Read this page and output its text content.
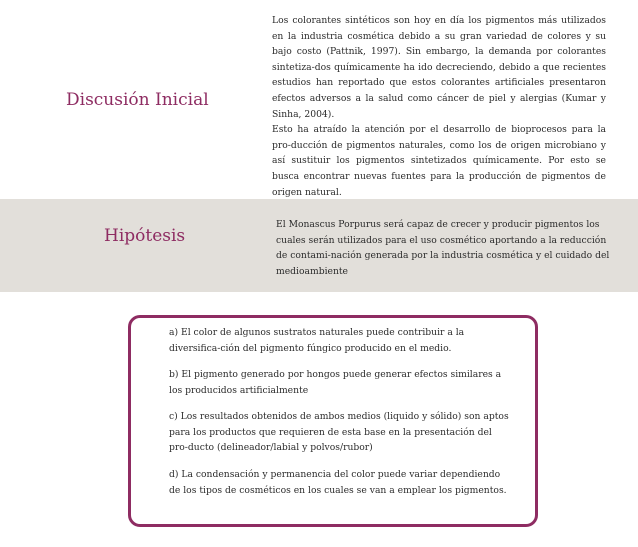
Discusión Inicial

Los colorantes sintéticos son hoy en día los pigmentos más utilizados en la industria cosmética debido a su gran variedad de colores y su bajo costo (Pattnik, 1997). Sin embargo, la demanda por colorantes sintetiza-dos químicamente ha ido decreciendo, debido a que recientes estudios han reportado que estos colorantes artificiales presentaron efectos adversos a la salud como cáncer de piel y alergias (Kumar y Sinha, 2004).

Esto ha atraído la atención por el desarrollo de bioprocesos para la pro-ducción de pigmentos naturales, como los de origen microbiano y así sustituir los pigmentos sintetizados químicamente. Por esto se busca encontrar nuevas fuentes para la producción de pigmentos de origen natural.

Hipótesis

El Monascus Porpurus será capaz de crecer y producir pigmentos los cuales serán utilizados para el uso cosmético aportando a la reducción de contami-nación generada por la industria cosmética y el cuidado del medioambiente

a) El color de algunos sustratos naturales puede contribuir a la diversifica-ción del pigmento fúngico producido en el medio.

b) El pigmento generado por hongos puede generar efectos similares a los producidos artificialmente

c) Los resultados obtenidos de ambos medios (liquido y sólido) son aptos para los productos que requieren de esta base en la presentación del pro-ducto (delineador/labial y polvos/rubor)

d) La condensación y permanencia del color puede variar dependiendo de los tipos de cosméticos en los cuales se van a emplear los pigmentos.
